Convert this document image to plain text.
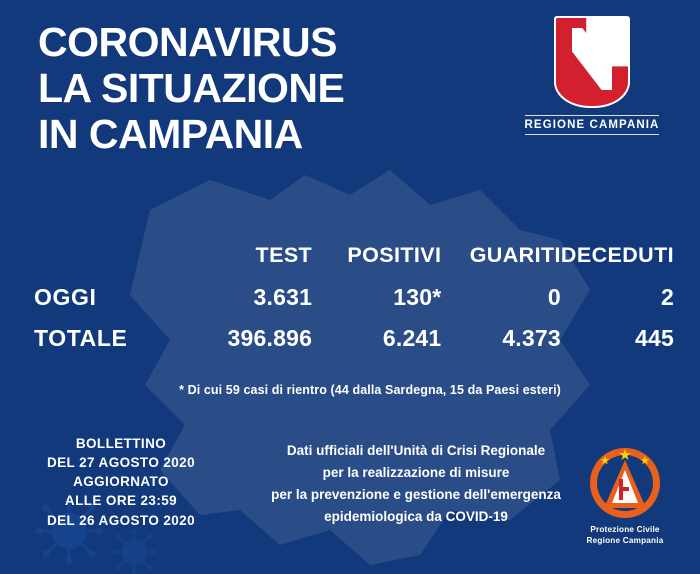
CORONAVIRUS
LA SITUAZIONE
IN CAMPANIA	REGIONE CAMPANIA
	TEST	POSITIVI	GUARITI	DECEDUTI
OGGI	3.631	130*	0	2
TOTALE	396.896	6.241	4.373	445
* Di cui 59 casi di rientro (44 dalla Sardegna, 15 da Paesi esteri)
BOLLETTINO
DEL 27 AGOSTO 2020
AGGIORNATO
ALLE ORE 23:59
DEL 26 AGOSTO 2020
Dati ufficiali dell'Unità di Crisi Regionale
per la realizzazione di misure
per la prevenzione e gestione dell'emergenza
epidemiologica da COVID-19
Protezione Civile
Regione Campania
